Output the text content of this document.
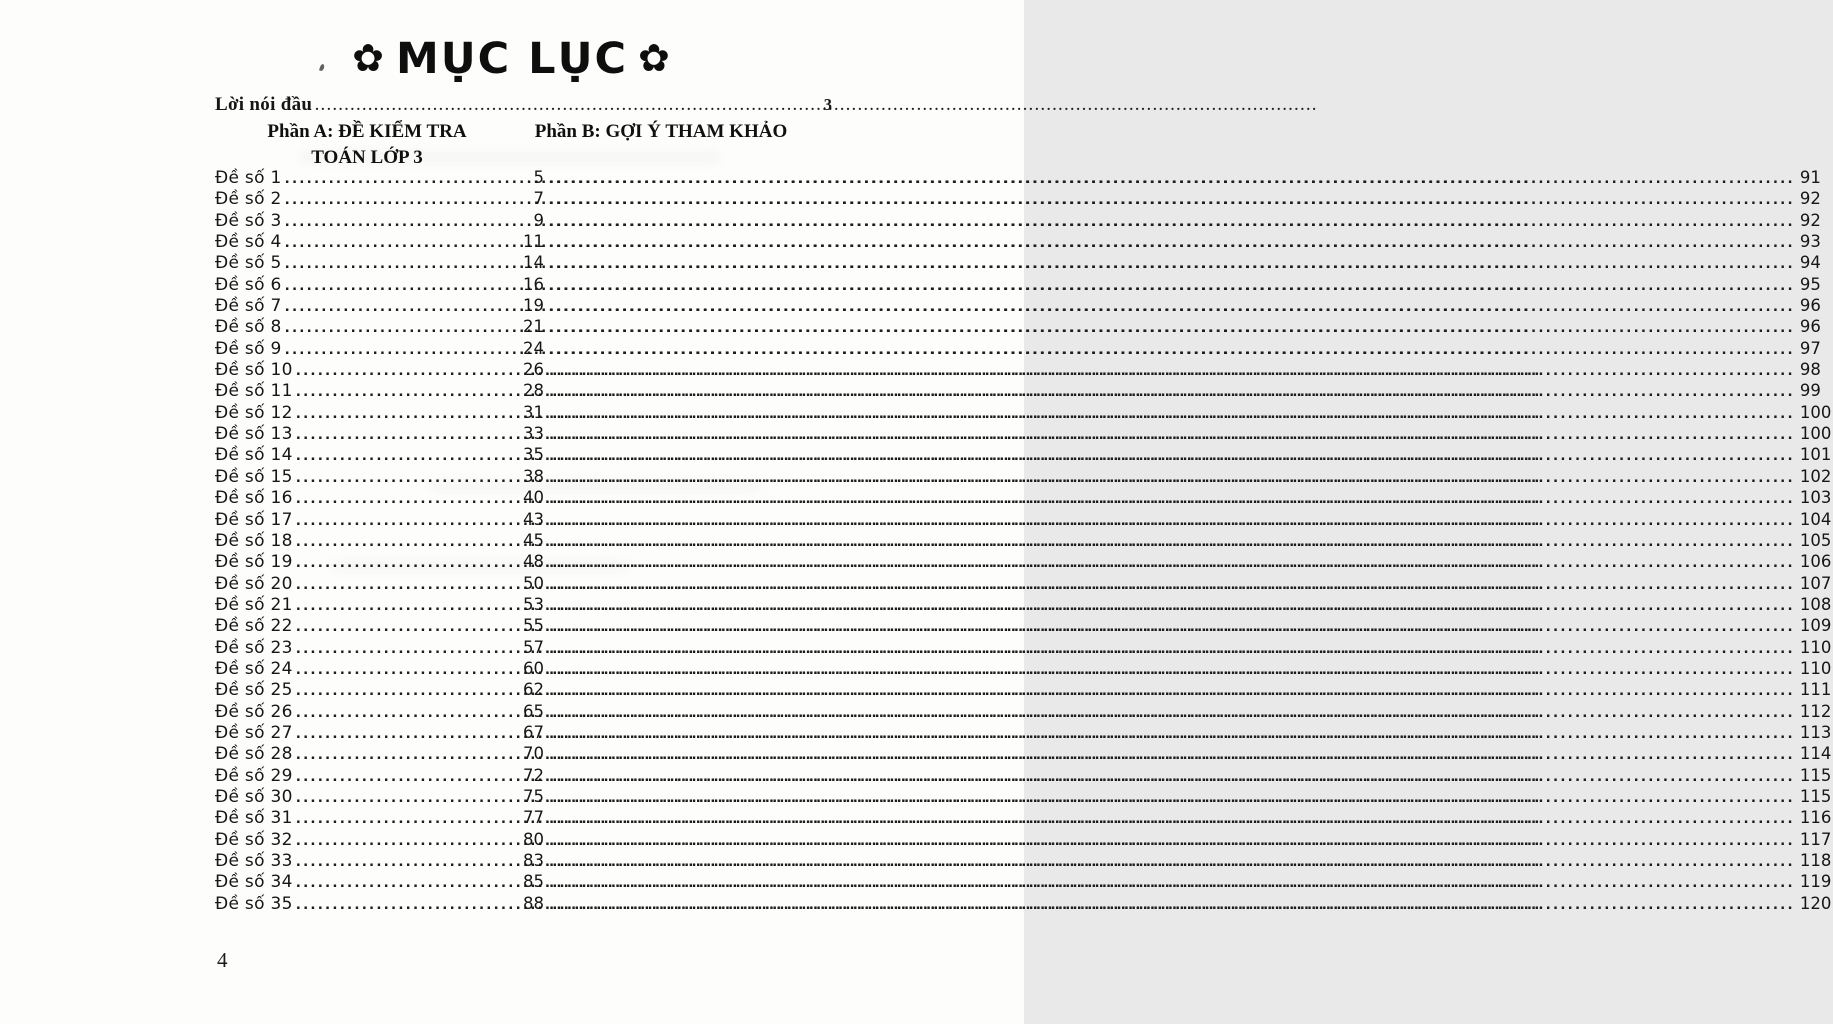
✿ MỤC LỤC ✿
Lời nói đầu .....	3
Phần A: ĐỀ KIỂM TRA
TOÁN LỚP 3
Phần B: GỢI Ý THAM KHẢO
Đề số 1 .....	5 .....	91
Đề số 2 .....	7 .....	92
Đề số 3 .....	9 .....	92
Đề số 4 .....	11 .....	93
Đề số 5 .....	14 .....	94
Đề số 6 .....	16 .....	95
Đề số 7 .....	19 .....	96
Đề số 8 .....	21 .....	96
Đề số 9 .....	24 .....	97
Đề số 10 .....	26 .....	98
Đề số 11 .....	28 .....	99
Đề số 12 .....	31 .....	100
Đề số 13 .....	33 .....	100
Đề số 14 .....	35 .....	101
Đề số 15 .....	38 .....	102
Đề số 16 .....	40 .....	103
Đề số 17 .....	43 .....	104
Đề số 18 .....	45 .....	105
Đề số 19 .....	48 .....	106
Đề số 20 .....	50 .....	107
Đề số 21 .....	53 .....	108
Đề số 22 .....	55 .....	109
Đề số 23 .....	57 .....	110
Đề số 24 .....	60 .....	110
Đề số 25 .....	62 .....	111
Đề số 26 .....	65 .....	112
Đề số 27 .....	67 .....	113
Đề số 28 .....	70 .....	114
Đề số 29 .....	72 .....	115
Đề số 30 .....	75 .....	115
Đề số 31 .....	77 .....	116
Đề số 32 .....	80 .....	117
Đề số 33 .....	83 .....	118
Đề số 34 .....	85 .....	119
Đề số 35 .....	88 .....	120
4
